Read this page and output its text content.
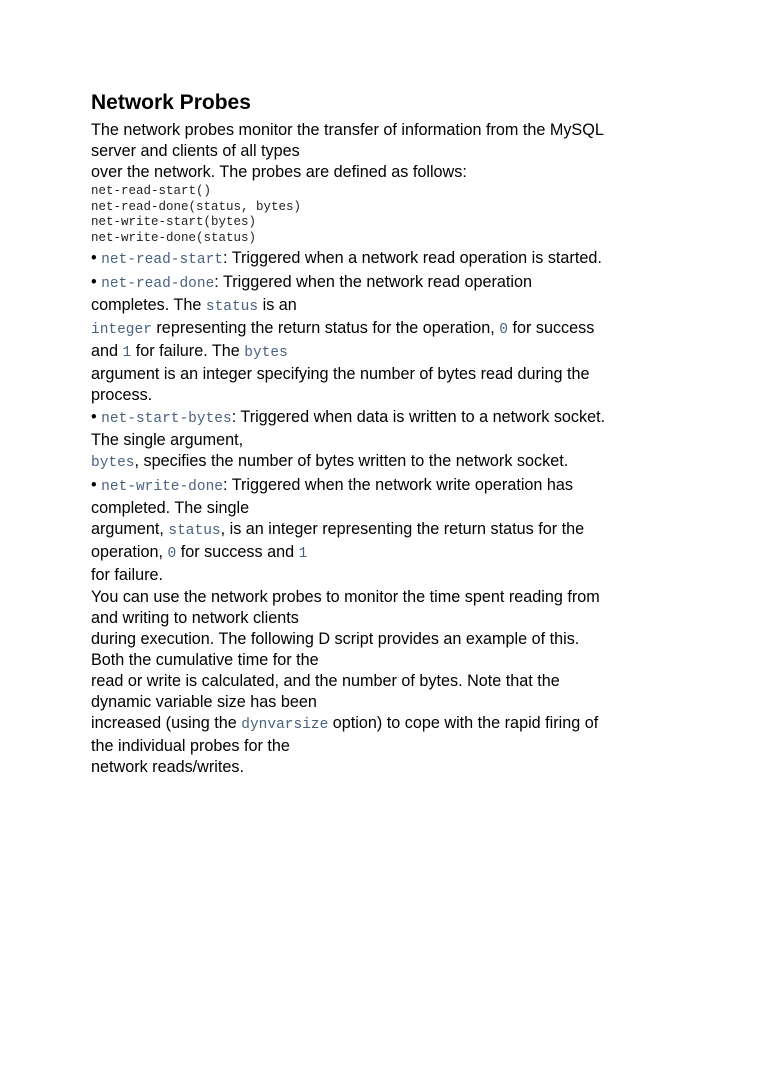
Network Probes
The network probes monitor the transfer of information from the MySQL
server and clients of all types
over the network. The probes are defined as follows:
net-read-start()
net-read-done(status, bytes)
net-write-start(bytes)
net-write-done(status)
• net-read-start: Triggered when a network read operation is started.
• net-read-done: Triggered when the network read operation
completes. The status is an
integer representing the return status for the operation, 0 for success
and 1 for failure. The bytes
argument is an integer specifying the number of bytes read during the
process.
• net-start-bytes: Triggered when data is written to a network socket.
The single argument,
bytes, specifies the number of bytes written to the network socket.
• net-write-done: Triggered when the network write operation has
completed. The single
argument, status, is an integer representing the return status for the
operation, 0 for success and 1
for failure.
You can use the network probes to monitor the time spent reading from
and writing to network clients
during execution. The following D script provides an example of this.
Both the cumulative time for the
read or write is calculated, and the number of bytes. Note that the
dynamic variable size has been
increased (using the dynvarsize option) to cope with the rapid firing of
the individual probes for the
network reads/writes.
